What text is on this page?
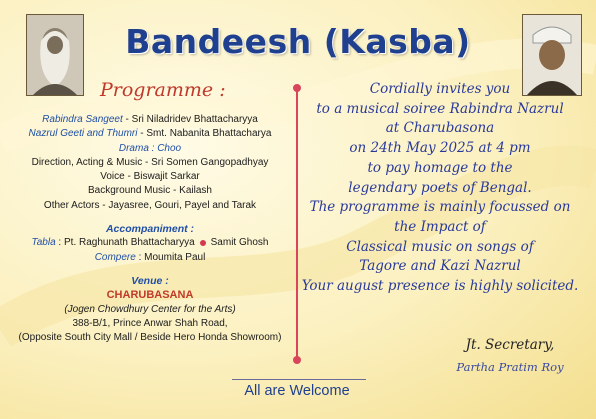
Bandeesh (Kasba)
Programme :
Rabindra Sangeet - Sri Niladridev Bhattacharyya
Nazrul Geeti and Thumri - Smt. Nabanita Bhattacharya
Drama : Choo
Direction, Acting & Music - Sri Somen Gangopadhyay
Voice - Biswajit Sarkar
Background Music - Kailash
Other Actors - Jayasree, Gouri, Payel and Tarak
Accompaniment :
Tabla : Pt. Raghunath Bhattacharyya Samit Ghosh
Compere : Moumita Paul
Venue :
CHARUBASANA
(Jogen Chowdhury Center for the Arts)
388-B/1, Prince Anwar Shah Road,
(Opposite South City Mall / Beside Hero Honda Showroom)
Cordially invites you
to a musical soiree Rabindra Nazrul
at Charubasona
on 24th May 2025 at 4 pm
to pay homage to the
legendary poets of Bengal.
The programme is mainly focussed on
the Impact of
Classical music on songs of
Tagore and Kazi Nazrul
Your august presence is highly solicited.
Jt. Secretary,
Partha Pratim Roy
All are Welcome
